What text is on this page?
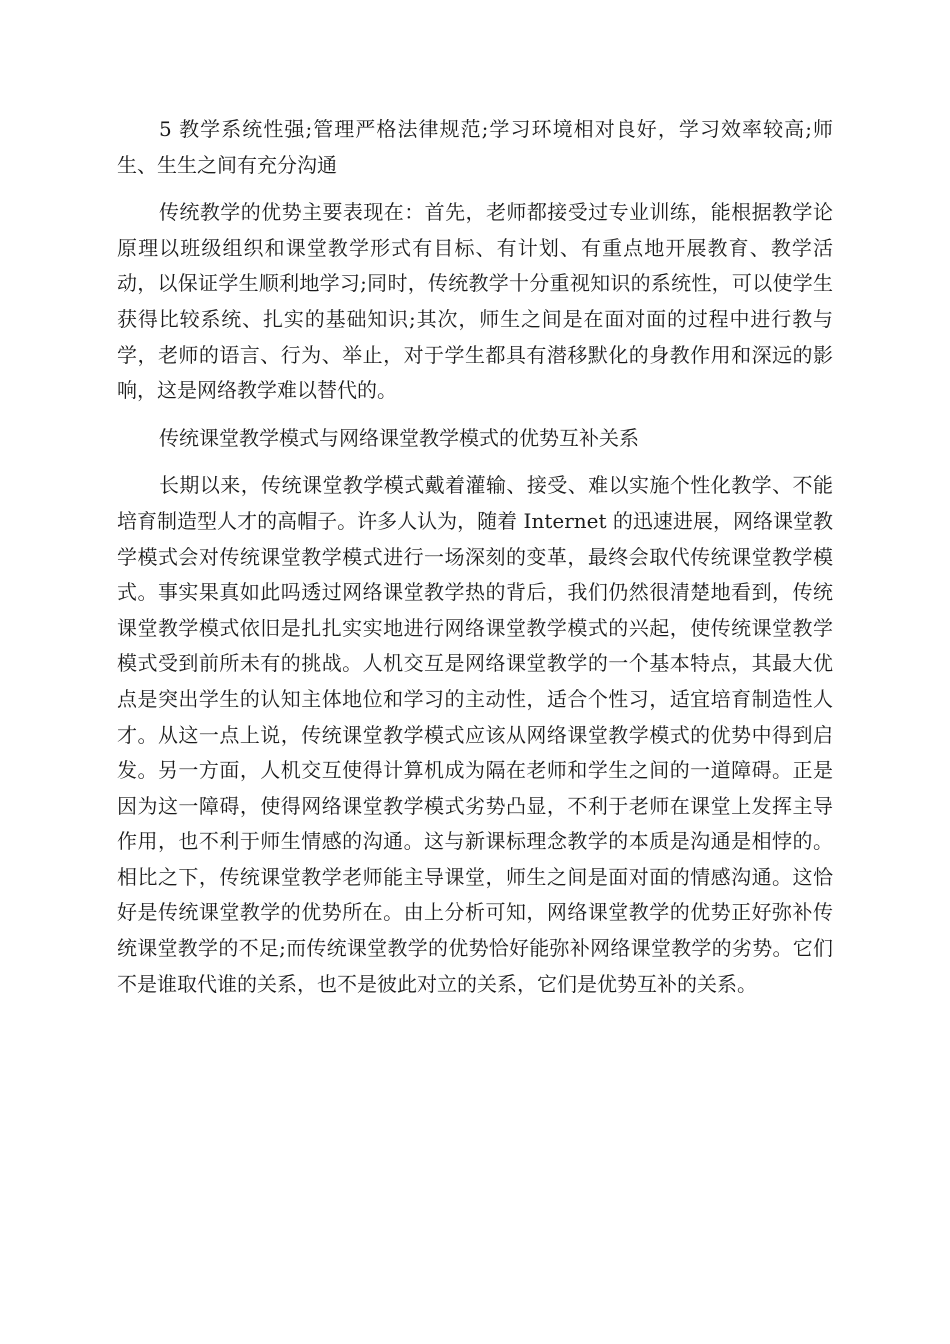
5 教学系统性强;管理严格法律规范;学习环境相对良好，学习效率较高;师生、生生之间有充分沟通

传统教学的优势主要表现在：首先，老师都接受过专业训练，能根据教学论原理以班级组织和课堂教学形式有目标、有计划、有重点地开展教育、教学活动，以保证学生顺利地学习;同时，传统教学十分重视知识的系统性，可以使学生获得比较系统、扎实的基础知识;其次，师生之间是在面对面的过程中进行教与学，老师的语言、行为、举止，对于学生都具有潜移默化的身教作用和深远的影响，这是网络教学难以替代的。

传统课堂教学模式与网络课堂教学模式的优势互补关系

长期以来，传统课堂教学模式戴着灌输、接受、难以实施个性化教学、不能培育制造型人才的高帽子。许多人认为，随着 Internet 的迅速进展，网络课堂教学模式会对传统课堂教学模式进行一场深刻的变革，最终会取代传统课堂教学模式。事实果真如此吗透过网络课堂教学热的背后，我们仍然很清楚地看到，传统课堂教学模式依旧是扎扎实实地进行网络课堂教学模式的兴起，使传统课堂教学模式受到前所未有的挑战。人机交互是网络课堂教学的一个基本特点，其最大优点是突出学生的认知主体地位和学习的主动性，适合个性习，适宜培育制造性人才。从这一点上说，传统课堂教学模式应该从网络课堂教学模式的优势中得到启发。另一方面，人机交互使得计算机成为隔在老师和学生之间的一道障碍。正是因为这一障碍，使得网络课堂教学模式劣势凸显，不利于老师在课堂上发挥主导作用，也不利于师生情感的沟通。这与新课标理念教学的本质是沟通是相悖的。相比之下，传统课堂教学老师能主导课堂，师生之间是面对面的情感沟通。这恰好是传统课堂教学的优势所在。由上分析可知，网络课堂教学的优势正好弥补传统课堂教学的不足;而传统课堂教学的优势恰好能弥补网络课堂教学的劣势。它们不是谁取代谁的关系，也不是彼此对立的关系，它们是优势互补的关系。
